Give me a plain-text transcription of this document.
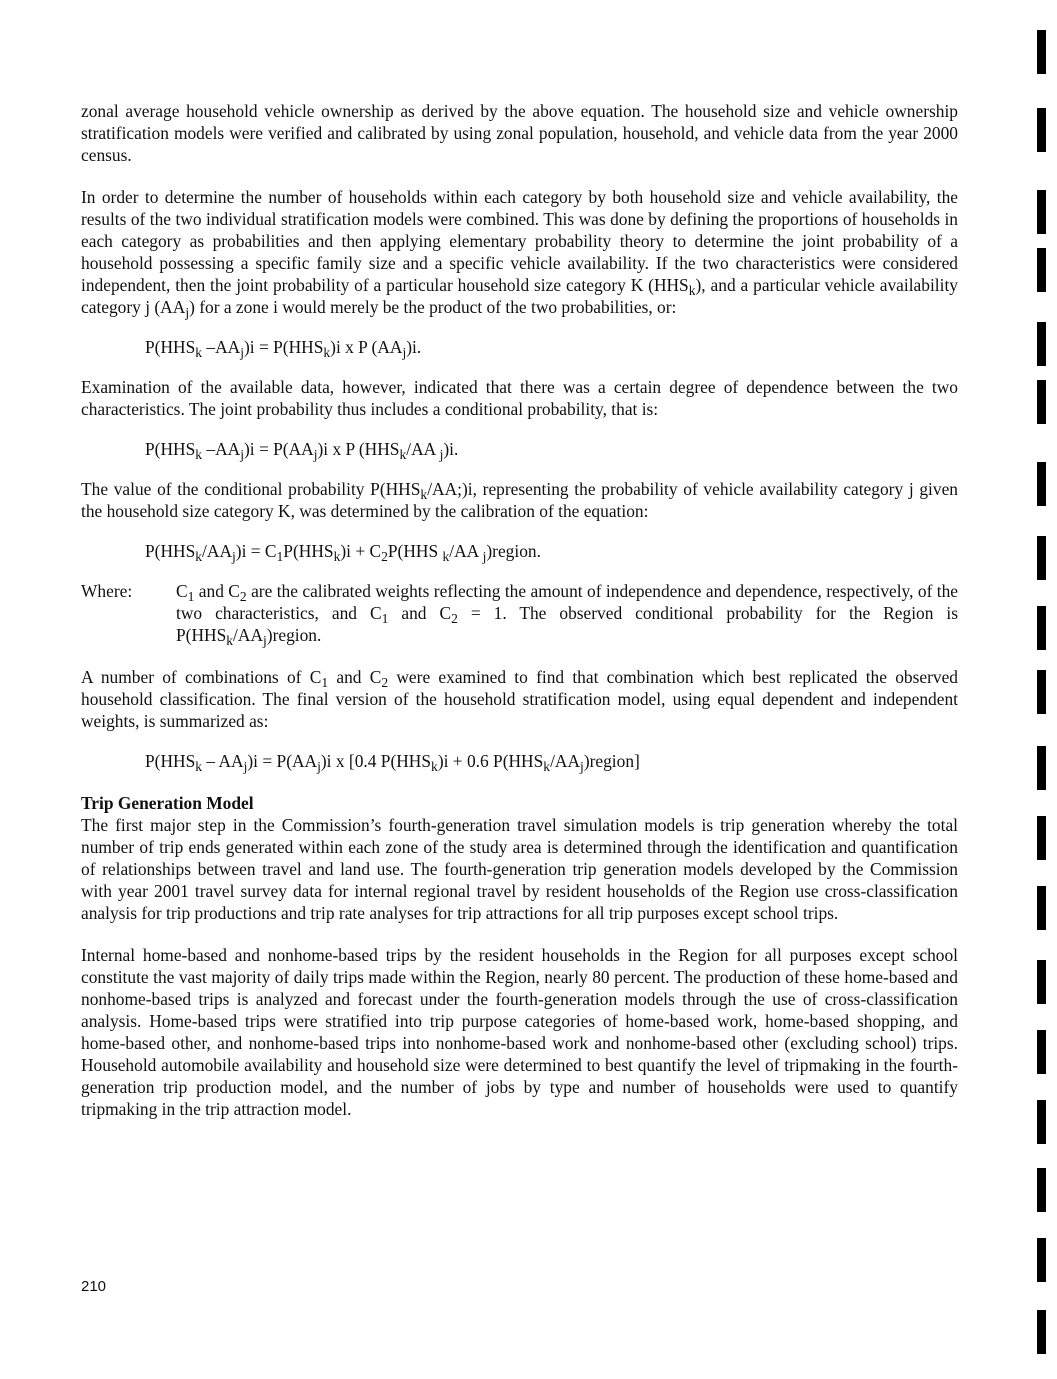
zonal average household vehicle ownership as derived by the above equation. The household size and vehicle ownership stratification models were verified and calibrated by using zonal population, household, and vehicle data from the year 2000 census.

In order to determine the number of households within each category by both household size and vehicle availability, the results of the two individual stratification models were combined. This was done by defining the proportions of households in each category as probabilities and then applying elementary probability theory to determine the joint probability of a household possessing a specific family size and a specific vehicle availability. If the two characteristics were considered independent, then the joint probability of a particular household size category K $(HHS_k)$, and a particular vehicle availability category j $(AA_j)$ for a zone i would merely be the product of the two probabilities, or:

$P(HHS_k$ $-AA_j)i = P(HHS_k)i$ x P $(AA_j)i$.

Examination of the available data, however, indicated that there was a certain degree of dependence between the two characteristics. The joint probability thus includes a conditional probability, that is:

$P(HHS_k$ $-AA_j)i = P(AA_j)i$ x P ($HHS_k/AA$ $_j$)i.

The value of the conditional probability $P(HHS_k/AA;)i$, representing the probability of vehicle availability category j given the household size category K, was determined by the calibration of the equation:

$P(HHS_k/AA_j)i = C_1P(HHS_k)i + C_2P(HHS$ $_k$/AA $_j$)region.
Where:	$C_1$ and $C_2$ are the calibrated weights reflecting the amount of independence and dependence, respectively, of the two characteristics, and $C_1$ and $C_2 = 1$. The observed conditional probability for the Region is $P(HHS_k/AA_j)region$.

A number of combinations of $C_1$ and $C_2$ were examined to find that combination which best replicated the observed household classification. The final version of the household stratification model, using equal dependent and independent weights, is summarized as:

$P(HHS_k - AA_j)i = P(AA_j)i$ x [0.4 $P(HHS_k)i + 0.6$ $P(HHS_k/AA_j)region$]

Trip Generation Model

The first major step in the Commission’s fourth-generation travel simulation models is trip generation whereby the total number of trip ends generated within each zone of the study area is determined through the identification and quantification of relationships between travel and land use. The fourth-generation trip generation models developed by the Commission with year 2001 travel survey data for internal regional travel by resident households of the Region use cross-classification analysis for trip productions and trip rate analyses for trip attractions for all trip purposes except school trips.

Internal home-based and nonhome-based trips by the resident households in the Region for all purposes except school constitute the vast majority of daily trips made within the Region, nearly 80 percent. The production of these home-based and nonhome-based trips is analyzed and forecast under the fourth-generation models through the use of cross-classification analysis. Home-based trips were stratified into trip purpose categories of home-based work, home-based shopping, and home-based other, and nonhome-based trips into nonhome-based work and nonhome-based other (excluding school) trips. Household automobile availability and household size were determined to best quantify the level of tripmaking in the fourth-generation trip production model, and the number of jobs by type and number of households were used to quantify tripmaking in the trip attraction model.

210
